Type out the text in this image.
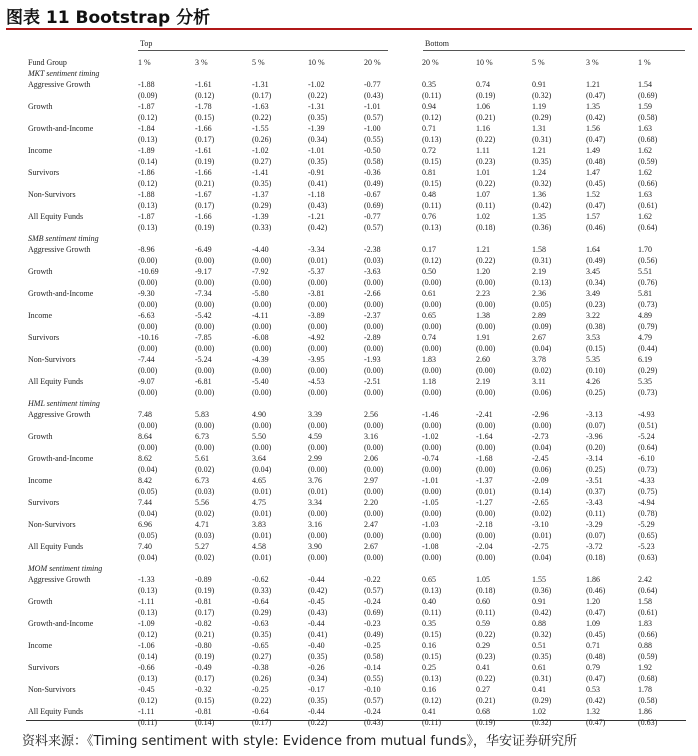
图表 11 Bootstrap 分析
Top	Bottom
Fund Group	1 %	3 %	5 %	10 %	20 %	20 %	10 %	5 %	3 %	1 %
MKT sentiment timing										
Aggressive Growth	-1.88	-1.61	-1.31	-1.02	-0.77	0.35	0.74	0.91	1.21	1.54
	(0.09)	(0.12)	(0.17)	(0.22)	(0.43)	(0.11)	(0.19)	(0.32)	(0.47)	(0.69)
Growth	-1.87	-1.78	-1.63	-1.31	-1.01	0.94	1.06	1.19	1.35	1.59
	(0.12)	(0.15)	(0.22)	(0.35)	(0.57)	(0.12)	(0.21)	(0.29)	(0.42)	(0.58)
Growth-and-Income	-1.84	-1.66	-1.55	-1.39	-1.00	0.71	1.16	1.31	1.56	1.63
	(0.13)	(0.17)	(0.26)	(0.34)	(0.55)	(0.13)	(0.22)	(0.31)	(0.47)	(0.68)
Income	-1.89	-1.61	-1.02	-1.01	-0.50	0.72	1.11	1.21	1.49	1.62
	(0.14)	(0.19)	(0.27)	(0.35)	(0.58)	(0.15)	(0.23)	(0.35)	(0.48)	(0.59)
Survivors	-1.86	-1.66	-1.41	-0.91	-0.36	0.81	1.01	1.24	1.47	1.62
	(0.12)	(0.21)	(0.35)	(0.41)	(0.49)	(0.15)	(0.22)	(0.32)	(0.45)	(0.66)
Non-Survivors	-1.88	-1.67	-1.37	-1.18	-0.67	0.48	1.07	1.36	1.52	1.63
	(0.13)	(0.17)	(0.29)	(0.43)	(0.69)	(0.11)	(0.11)	(0.42)	(0.47)	(0.61)
All Equity Funds	-1.87	-1.66	-1.39	-1.21	-0.77	0.76	1.02	1.35	1.57	1.62
	(0.13)	(0.19)	(0.33)	(0.42)	(0.57)	(0.13)	(0.18)	(0.36)	(0.46)	(0.64)
SMB sentiment timing										
Aggressive Growth	-8.96	-6.49	-4.40	-3.34	-2.38	0.17	1.21	1.58	1.64	1.70
	(0.00)	(0.00)	(0.00)	(0.01)	(0.03)	(0.12)	(0.22)	(0.31)	(0.49)	(0.56)
Growth	-10.69	-9.17	-7.92	-5.37	-3.63	0.50	1.20	2.19	3.45	5.51
	(0.00)	(0.00)	(0.00)	(0.00)	(0.00)	(0.00)	(0.00)	(0.13)	(0.34)	(0.76)
Growth-and-Income	-9.30	-7.34	-5.80	-3.81	-2.66	0.61	2.23	2.36	3.49	5.81
	(0.00)	(0.00)	(0.00)	(0.00)	(0.00)	(0.00)	(0.00)	(0.05)	(0.23)	(0.73)
Income	-6.63	-5.42	-4.11	-3.89	-2.37	0.65	1.38	2.89	3.22	4.89
	(0.00)	(0.00)	(0.00)	(0.00)	(0.00)	(0.00)	(0.00)	(0.09)	(0.38)	(0.79)
Survivors	-10.16	-7.85	-6.08	-4.92	-2.89	0.74	1.91	2.67	3.53	4.79
	(0.00)	(0.00)	(0.00)	(0.00)	(0.00)	(0.00)	(0.00)	(0.04)	(0.15)	(0.44)
Non-Survivors	-7.44	-5.24	-4.39	-3.95	-1.93	1.83	2.60	3.78	5.35	6.19
	(0.00)	(0.00)	(0.00)	(0.00)	(0.00)	(0.00)	(0.00)	(0.02)	(0.10)	(0.29)
All Equity Funds	-9.07	-6.81	-5.40	-4.53	-2.51	1.18	2.19	3.11	4.26	5.35
	(0.00)	(0.00)	(0.00)	(0.00)	(0.00)	(0.00)	(0.00)	(0.06)	(0.25)	(0.73)
HML sentiment timing										
Aggressive Growth	7.48	5.83	4.90	3.39	2.56	-1.46	-2.41	-2.96	-3.13	-4.93
	(0.00)	(0.00)	(0.00)	(0.00)	(0.00)	(0.00)	(0.00)	(0.00)	(0.07)	(0.51)
Growth	8.64	6.73	5.50	4.59	3.16	-1.02	-1.64	-2.73	-3.96	-5.24
	(0.00)	(0.00)	(0.00)	(0.00)	(0.00)	(0.00)	(0.00)	(0.04)	(0.20)	(0.64)
Growth-and-Income	8.62	5.61	3.64	2.99	2.06	-0.74	-1.68	-2.45	-3.14	-6.10
	(0.04)	(0.02)	(0.04)	(0.00)	(0.00)	(0.00)	(0.00)	(0.06)	(0.25)	(0.73)
Income	8.42	6.73	4.65	3.76	2.97	-1.01	-1.37	-2.09	-3.51	-4.33
	(0.05)	(0.03)	(0.01)	(0.01)	(0.00)	(0.00)	(0.01)	(0.14)	(0.37)	(0.75)
Survivors	7.44	5.56	4.75	3.34	2.20	-1.05	-1.27	-2.65	-3.43	-4.94
	(0.04)	(0.02)	(0.01)	(0.00)	(0.00)	(0.00)	(0.00)	(0.02)	(0.11)	(0.78)
Non-Survivors	6.96	4.71	3.83	3.16	2.47	-1.03	-2.18	-3.10	-3.29	-5.29
	(0.05)	(0.03)	(0.01)	(0.00)	(0.00)	(0.00)	(0.00)	(0.01)	(0.07)	(0.65)
All Equity Funds	7.40	5.27	4.58	3.90	2.67	-1.08	-2.04	-2.75	-3.72	-5.23
	(0.04)	(0.02)	(0.01)	(0.00)	(0.00)	(0.00)	(0.00)	(0.04)	(0.18)	(0.63)
MOM sentiment timing										
Aggressive Growth	-1.33	-0.89	-0.62	-0.44	-0.22	0.65	1.05	1.55	1.86	2.42
	(0.13)	(0.19)	(0.33)	(0.42)	(0.57)	(0.13)	(0.18)	(0.36)	(0.46)	(0.64)
Growth	-1.11	-0.81	-0.64	-0.45	-0.24	0.40	0.60	0.91	1.20	1.58
	(0.13)	(0.17)	(0.29)	(0.43)	(0.69)	(0.11)	(0.11)	(0.42)	(0.47)	(0.61)
Growth-and-Income	-1.09	-0.82	-0.63	-0.44	-0.23	0.35	0.59	0.88	1.09	1.83
	(0.12)	(0.21)	(0.35)	(0.41)	(0.49)	(0.15)	(0.22)	(0.32)	(0.45)	(0.66)
Income	-1.06	-0.80	-0.65	-0.40	-0.25	0.16	0.29	0.51	0.71	0.88
	(0.14)	(0.19)	(0.27)	(0.35)	(0.58)	(0.15)	(0.23)	(0.35)	(0.48)	(0.59)
Survivors	-0.66	-0.49	-0.38	-0.26	-0.14	0.25	0.41	0.61	0.79	1.92
	(0.13)	(0.17)	(0.26)	(0.34)	(0.55)	(0.13)	(0.22)	(0.31)	(0.47)	(0.68)
Non-Survivors	-0.45	-0.32	-0.25	-0.17	-0.10	0.16	0.27	0.41	0.53	1.78
	(0.12)	(0.15)	(0.22)	(0.35)	(0.57)	(0.12)	(0.21)	(0.29)	(0.42)	(0.58)
All Equity Funds	-1.11	-0.81	-0.64	-0.44	-0.24	0.41	0.68	1.02	1.32	1.86
	(0.11)	(0.14)	(0.17)	(0.22)	(0.43)	(0.11)	(0.19)	(0.32)	(0.47)	(0.63)
资料来源：《Timing sentiment with style: Evidence from mutual funds》，华安证券研究所
